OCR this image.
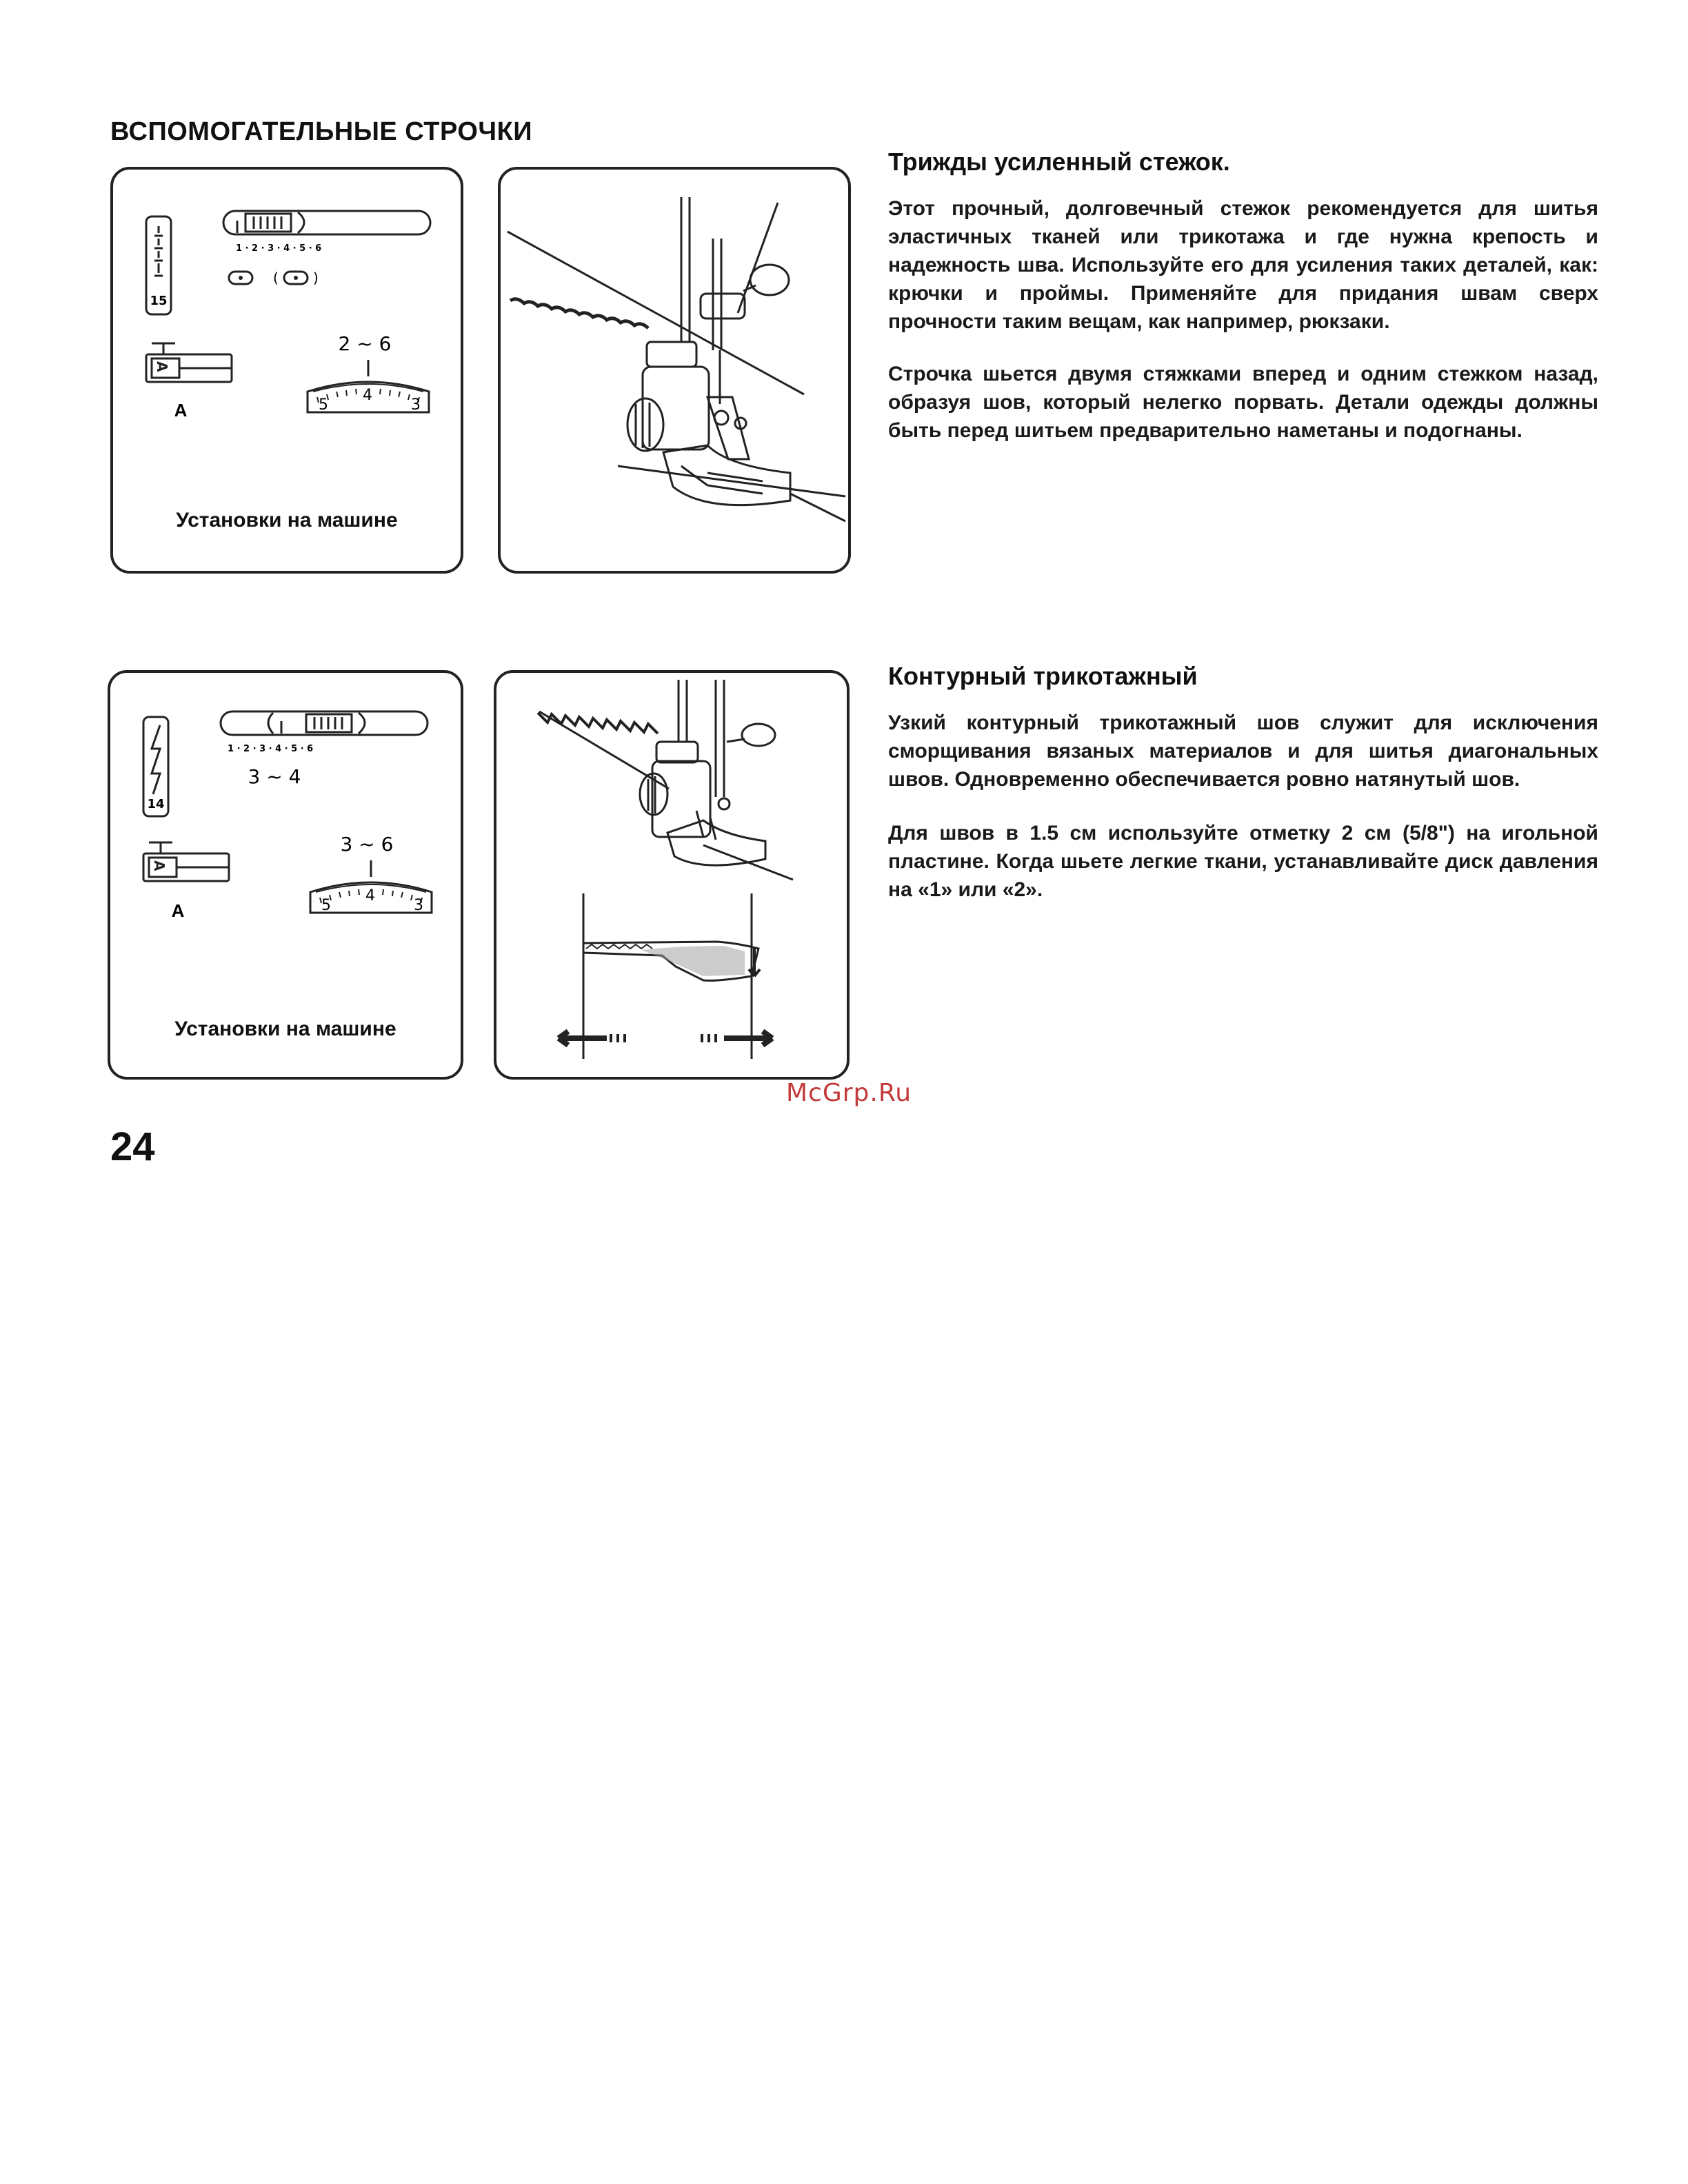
ВСПОМОГАТЕЛЬНЫЕ СТРОЧКИ
15
1 · 2 · 3 · 4 · 5 · 6
(	)
A
A
2 ~ 6
5
4
3
Установки на машине
Трижды усиленный стежок.
Этот прочный, долговечный стежок рекомендуется для шитья эластичных тканей или трикотажа и где нужна крепость и надежность шва. Используйте его для усиления таких деталей, как: крючки и проймы. Применяйте для придания швам сверх прочности таким вещам, как например, рюкзаки.
Строчка шьется двумя стяжками вперед и одним стежком назад, образуя шов, который нелегко порвать. Детали одежды должны быть перед шитьем предварительно наметаны и подогнаны.
14
1 · 2 · 3 · 4 · 5 · 6
3 ~ 4
A
A
3 ~ 6
5
4
3
Установки на машине
Контурный трикотажный
Узкий контурный трикотажный шов служит для исключения сморщивания вязаных материалов и для шитья диагональных швов. Одновременно обеспечивается ровно натянутый шов.
Для швов в 1.5 см используйте отметку 2 см (5/8") на игольной пластине. Когда шьете легкие ткани, устанавливайте диск давления на «1» или «2».
McGrp.Ru
24
